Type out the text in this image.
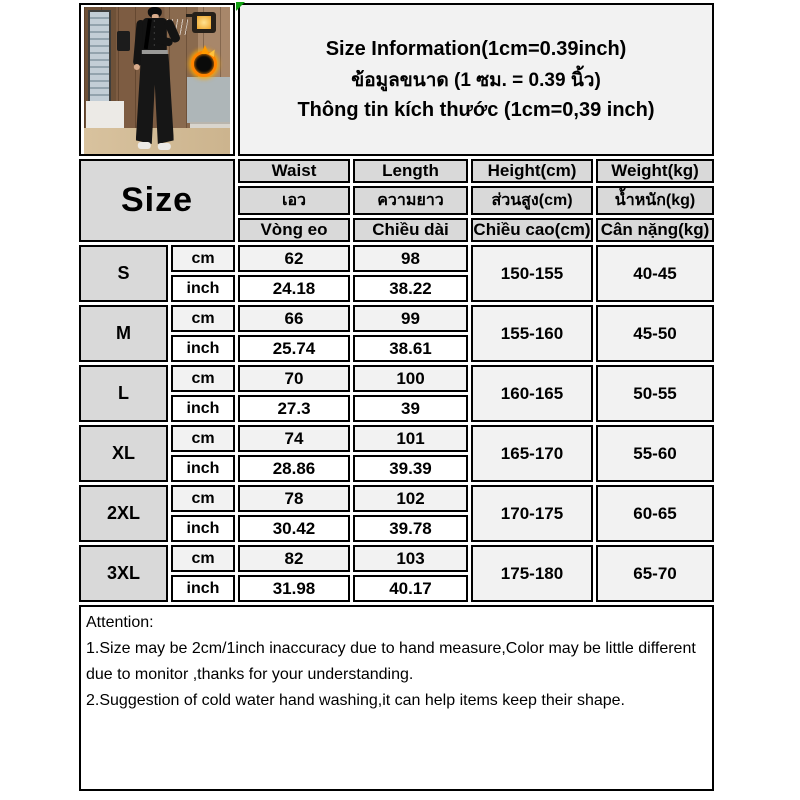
		Size Information(1cm=0.39inch)
ข้อมูลขนาด (1 ซม. = 0.39 นิ้ว)
Thông tin kích thước (1cm=0,39 inch)			

Size		Waist	Length	Height(cm)	Weight(kg)
		เอว	ความยาว	ส่วนสูง(cm)	น้ำหนัก(kg)
		Vòng eo	Chiều dài	Chiều cao(cm)	Cân nặng(kg)
S	cm	62	98	150-155	40-45
	inch	24.18	38.22		
M	cm	66	99	155-160	45-50
	inch	25.74	38.61		
L	cm	70	100	160-165	50-55
	inch	27.3	39		
XL	cm	74	101	165-170	55-60
	inch	28.86	39.39		
2XL	cm	78	102	170-175	60-65
	inch	30.42	39.78		
3XL	cm	82	103	175-180	65-70
	inch	31.98	40.17		

Attention:
1.Size may be 2cm/1inch inaccuracy due to hand measure,Color may be little different due to monitor ,thanks for your understanding.
2.Suggestion of cold water hand washing,it can help items keep their shape.					
